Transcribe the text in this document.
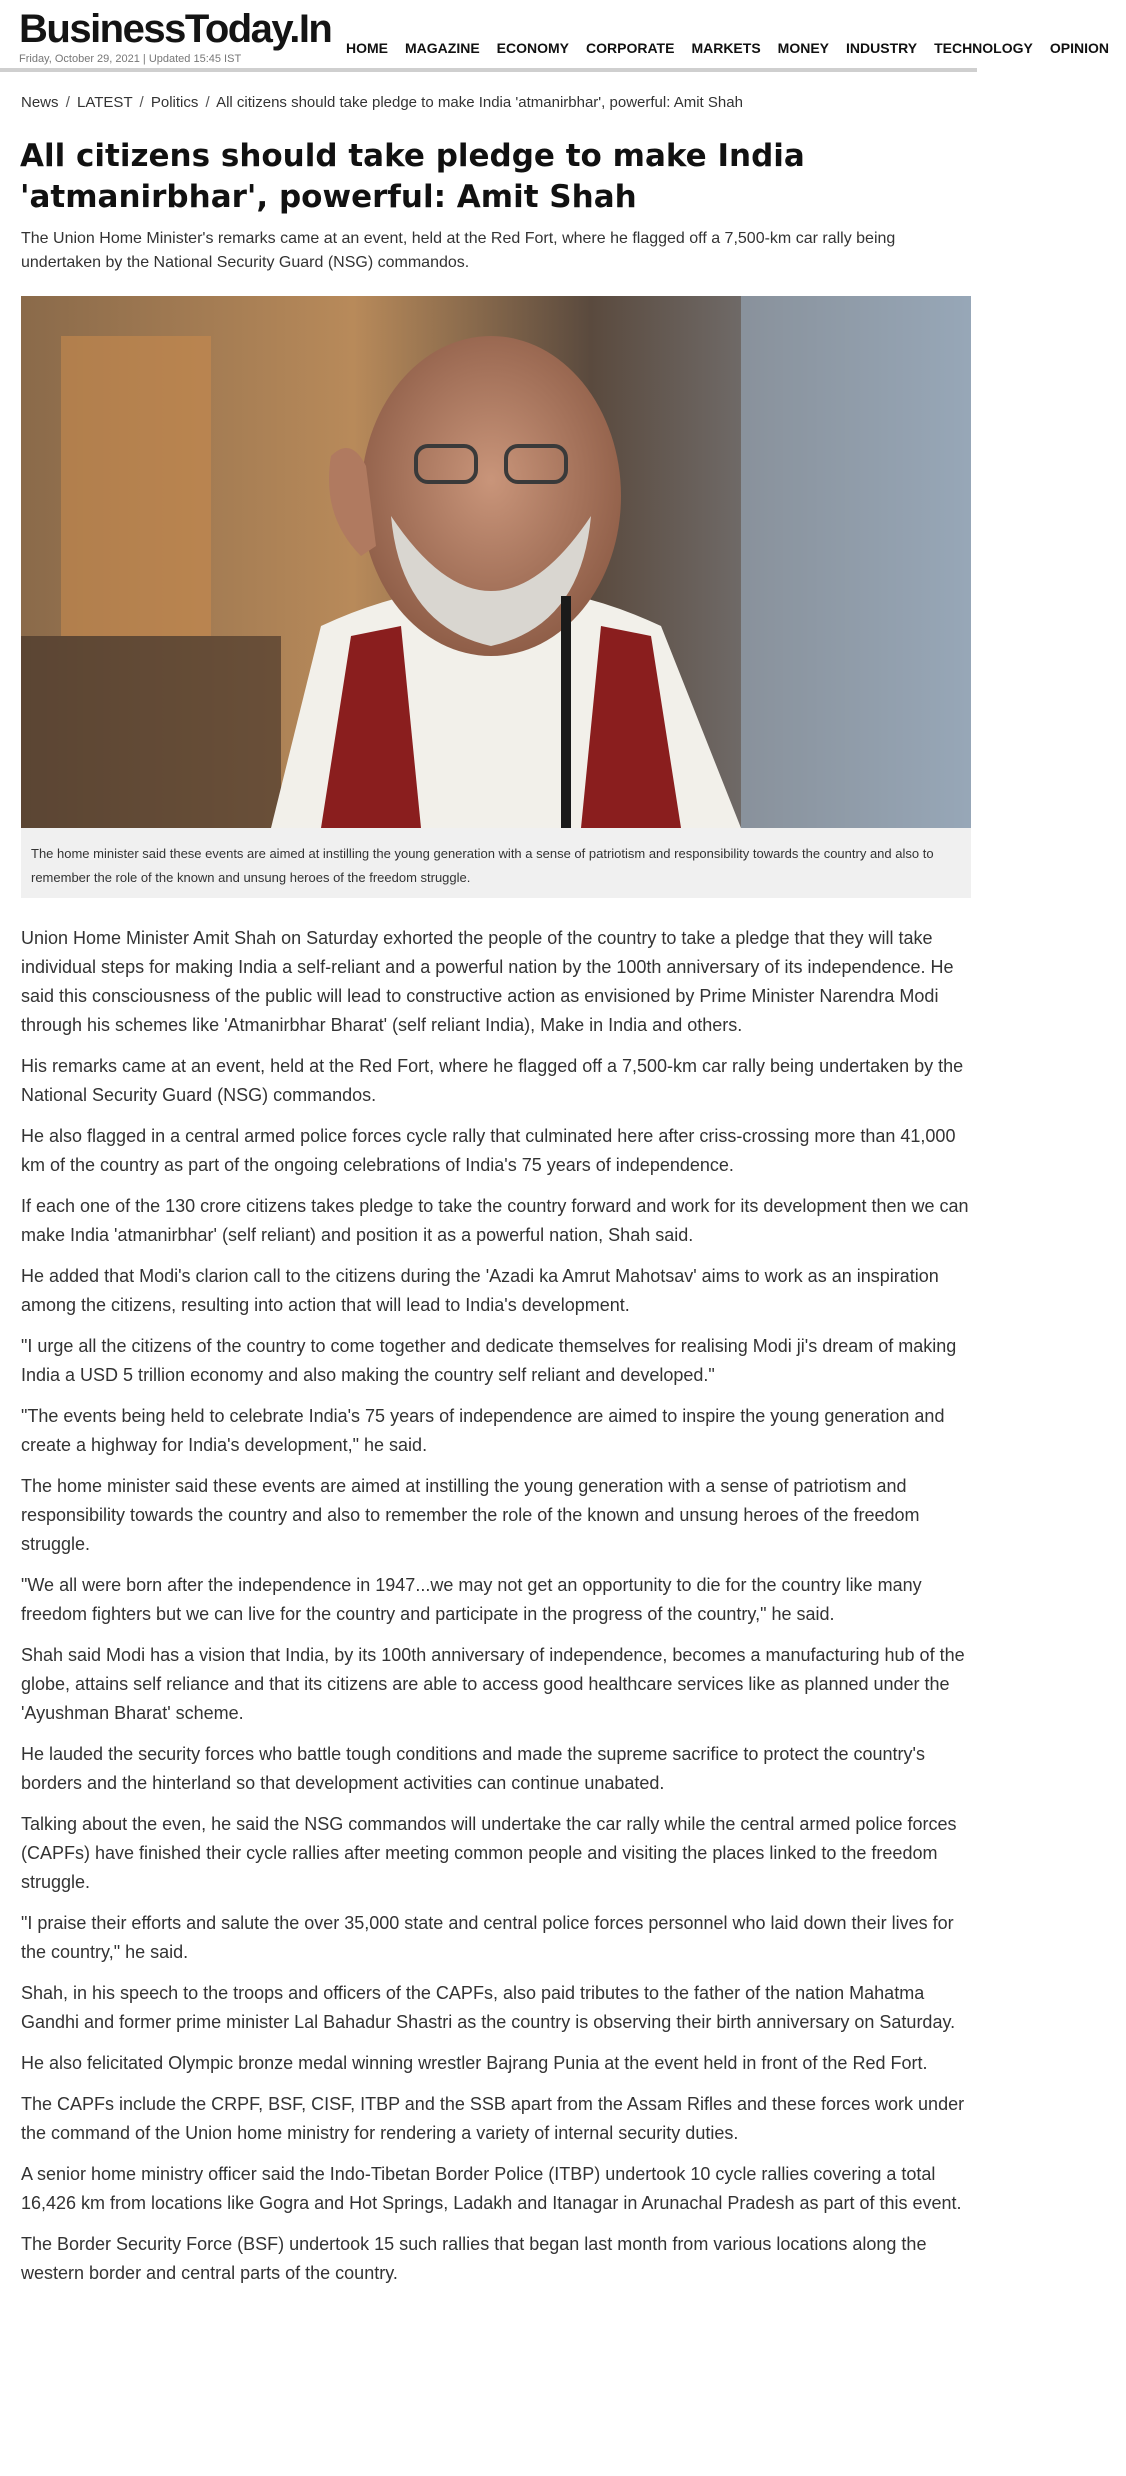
BusinessToday.In
Friday, October 29, 2021 | Updated 15:45 IST
HOME MAGAZINE ECONOMY CORPORATE MARKETS MONEY INDUSTRY TECHNOLOGY OPINION
News / LATEST / Politics / All citizens should take pledge to make India 'atmanirbhar', powerful: Amit Shah
All citizens should take pledge to make India 'atmanirbhar', powerful: Amit Shah

The Union Home Minister's remarks came at an event, held at the Red Fort, where he flagged off a 7,500-km car rally being undertaken by the National Security Guard (NSG) commandos.

The home minister said these events are aimed at instilling the young generation with a sense of patriotism and responsibility towards the country and also to remember the role of the known and unsung heroes of the freedom struggle.

Union Home Minister Amit Shah on Saturday exhorted the people of the country to take a pledge that they will take individual steps for making India a self-reliant and a powerful nation by the 100th anniversary of its independence. He said this consciousness of the public will lead to constructive action as envisioned by Prime Minister Narendra Modi through his schemes like 'Atmanirbhar Bharat' (self reliant India), Make in India and others.

His remarks came at an event, held at the Red Fort, where he flagged off a 7,500-km car rally being undertaken by the National Security Guard (NSG) commandos.

He also flagged in a central armed police forces cycle rally that culminated here after criss-crossing more than 41,000 km of the country as part of the ongoing celebrations of India's 75 years of independence.

If each one of the 130 crore citizens takes pledge to take the country forward and work for its development then we can make India 'atmanirbhar' (self reliant) and position it as a powerful nation, Shah said.

He added that Modi's clarion call to the citizens during the 'Azadi ka Amrut Mahotsav' aims to work as an inspiration among the citizens, resulting into action that will lead to India's development.

"I urge all the citizens of the country to come together and dedicate themselves for realising Modi ji's dream of making India a USD 5 trillion economy and also making the country self reliant and developed."

"The events being held to celebrate India's 75 years of independence are aimed to inspire the young generation and create a highway for India's development," he said.

The home minister said these events are aimed at instilling the young generation with a sense of patriotism and responsibility towards the country and also to remember the role of the known and unsung heroes of the freedom struggle.

"We all were born after the independence in 1947...we may not get an opportunity to die for the country like many freedom fighters but we can live for the country and participate in the progress of the country," he said.

Shah said Modi has a vision that India, by its 100th anniversary of independence, becomes a manufacturing hub of the globe, attains self reliance and that its citizens are able to access good healthcare services like as planned under the 'Ayushman Bharat' scheme.

He lauded the security forces who battle tough conditions and made the supreme sacrifice to protect the country's borders and the hinterland so that development activities can continue unabated.

Talking about the even, he said the NSG commandos will undertake the car rally while the central armed police forces (CAPFs) have finished their cycle rallies after meeting common people and visiting the places linked to the freedom struggle.

"I praise their efforts and salute the over 35,000 state and central police forces personnel who laid down their lives for the country," he said.

Shah, in his speech to the troops and officers of the CAPFs, also paid tributes to the father of the nation Mahatma Gandhi and former prime minister Lal Bahadur Shastri as the country is observing their birth anniversary on Saturday.

He also felicitated Olympic bronze medal winning wrestler Bajrang Punia at the event held in front of the Red Fort.

The CAPFs include the CRPF, BSF, CISF, ITBP and the SSB apart from the Assam Rifles and these forces work under the command of the Union home ministry for rendering a variety of internal security duties.

A senior home ministry officer said the Indo-Tibetan Border Police (ITBP) undertook 10 cycle rallies covering a total 16,426 km from locations like Gogra and Hot Springs, Ladakh and Itanagar in Arunachal Pradesh as part of this event.

The Border Security Force (BSF) undertook 15 such rallies that began last month from various locations along the western border and central parts of the country.
